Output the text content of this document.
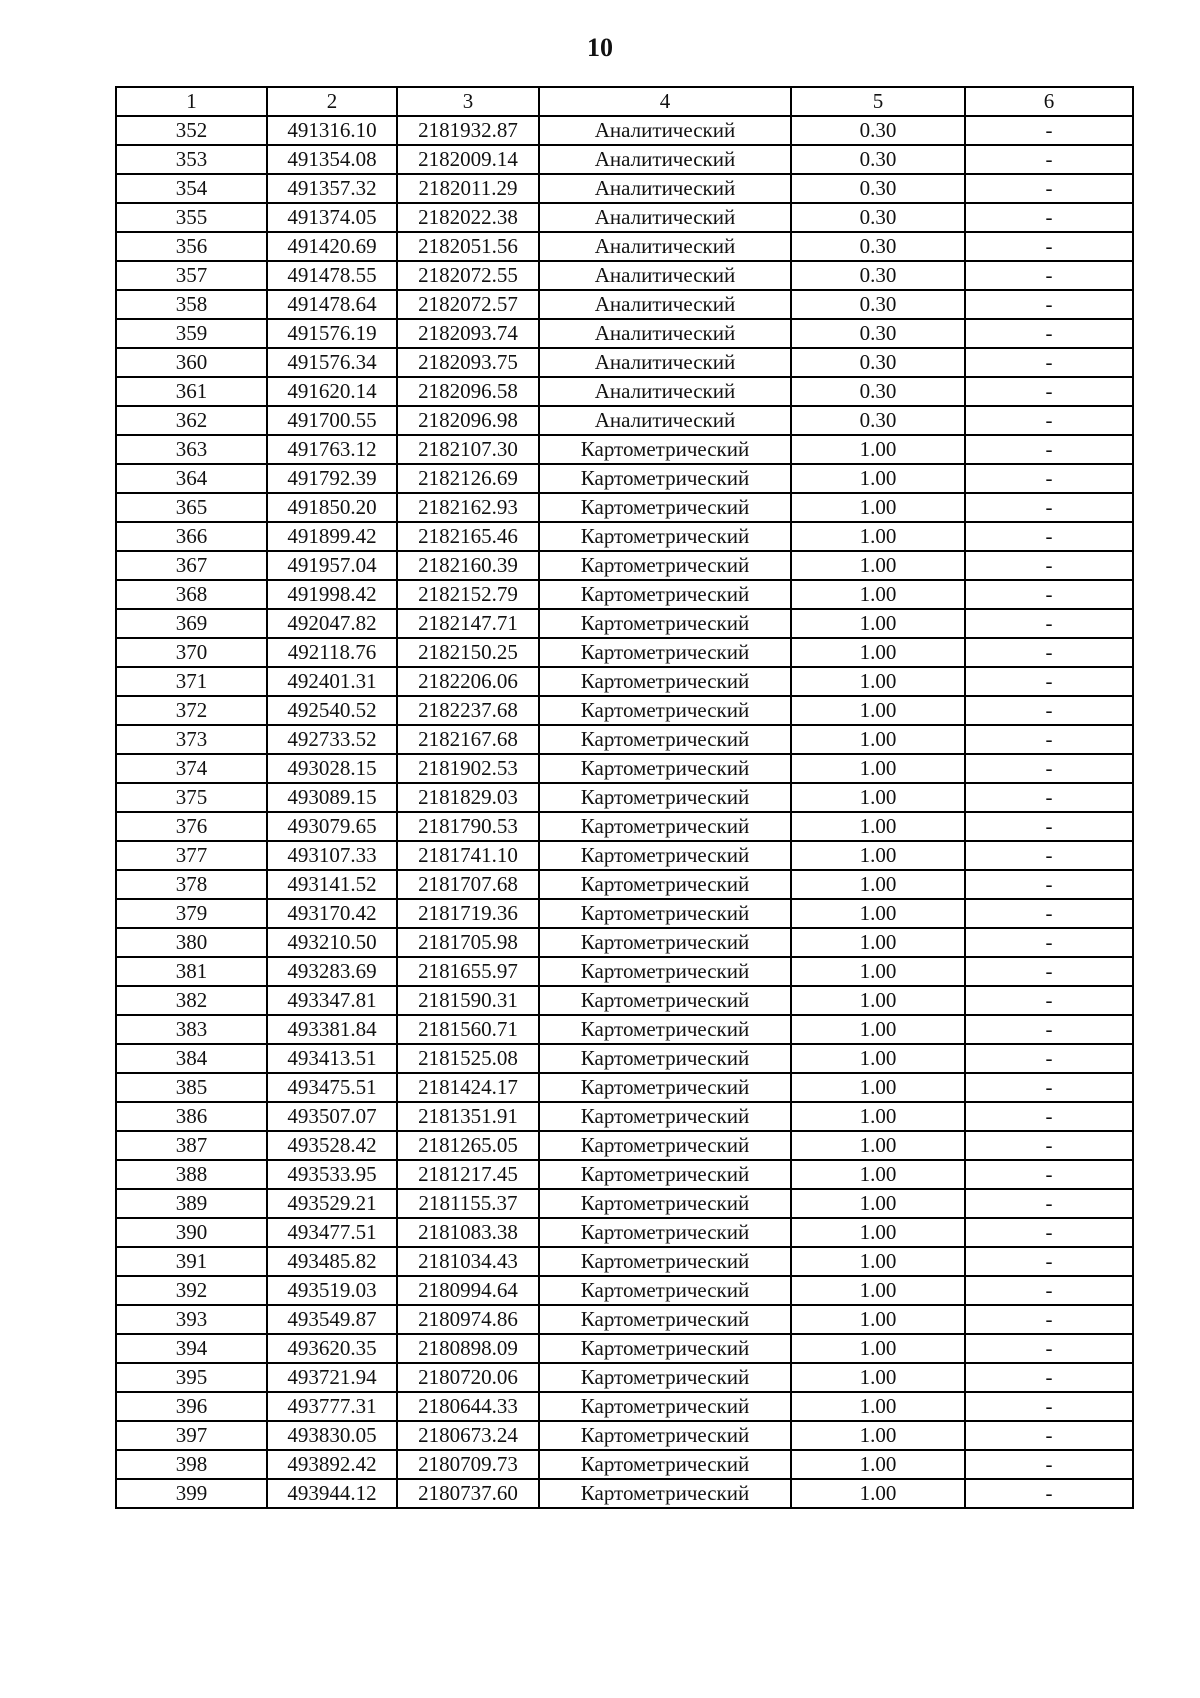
10
1	2	3	4	5	6
352	491316.10	2181932.87	Аналитический	0.30	-
353	491354.08	2182009.14	Аналитический	0.30	-
354	491357.32	2182011.29	Аналитический	0.30	-
355	491374.05	2182022.38	Аналитический	0.30	-
356	491420.69	2182051.56	Аналитический	0.30	-
357	491478.55	2182072.55	Аналитический	0.30	-
358	491478.64	2182072.57	Аналитический	0.30	-
359	491576.19	2182093.74	Аналитический	0.30	-
360	491576.34	2182093.75	Аналитический	0.30	-
361	491620.14	2182096.58	Аналитический	0.30	-
362	491700.55	2182096.98	Аналитический	0.30	-
363	491763.12	2182107.30	Картометрический	1.00	-
364	491792.39	2182126.69	Картометрический	1.00	-
365	491850.20	2182162.93	Картометрический	1.00	-
366	491899.42	2182165.46	Картометрический	1.00	-
367	491957.04	2182160.39	Картометрический	1.00	-
368	491998.42	2182152.79	Картометрический	1.00	-
369	492047.82	2182147.71	Картометрический	1.00	-
370	492118.76	2182150.25	Картометрический	1.00	-
371	492401.31	2182206.06	Картометрический	1.00	-
372	492540.52	2182237.68	Картометрический	1.00	-
373	492733.52	2182167.68	Картометрический	1.00	-
374	493028.15	2181902.53	Картометрический	1.00	-
375	493089.15	2181829.03	Картометрический	1.00	-
376	493079.65	2181790.53	Картометрический	1.00	-
377	493107.33	2181741.10	Картометрический	1.00	-
378	493141.52	2181707.68	Картометрический	1.00	-
379	493170.42	2181719.36	Картометрический	1.00	-
380	493210.50	2181705.98	Картометрический	1.00	-
381	493283.69	2181655.97	Картометрический	1.00	-
382	493347.81	2181590.31	Картометрический	1.00	-
383	493381.84	2181560.71	Картометрический	1.00	-
384	493413.51	2181525.08	Картометрический	1.00	-
385	493475.51	2181424.17	Картометрический	1.00	-
386	493507.07	2181351.91	Картометрический	1.00	-
387	493528.42	2181265.05	Картометрический	1.00	-
388	493533.95	2181217.45	Картометрический	1.00	-
389	493529.21	2181155.37	Картометрический	1.00	-
390	493477.51	2181083.38	Картометрический	1.00	-
391	493485.82	2181034.43	Картометрический	1.00	-
392	493519.03	2180994.64	Картометрический	1.00	-
393	493549.87	2180974.86	Картометрический	1.00	-
394	493620.35	2180898.09	Картометрический	1.00	-
395	493721.94	2180720.06	Картометрический	1.00	-
396	493777.31	2180644.33	Картометрический	1.00	-
397	493830.05	2180673.24	Картометрический	1.00	-
398	493892.42	2180709.73	Картометрический	1.00	-
399	493944.12	2180737.60	Картометрический	1.00	-
